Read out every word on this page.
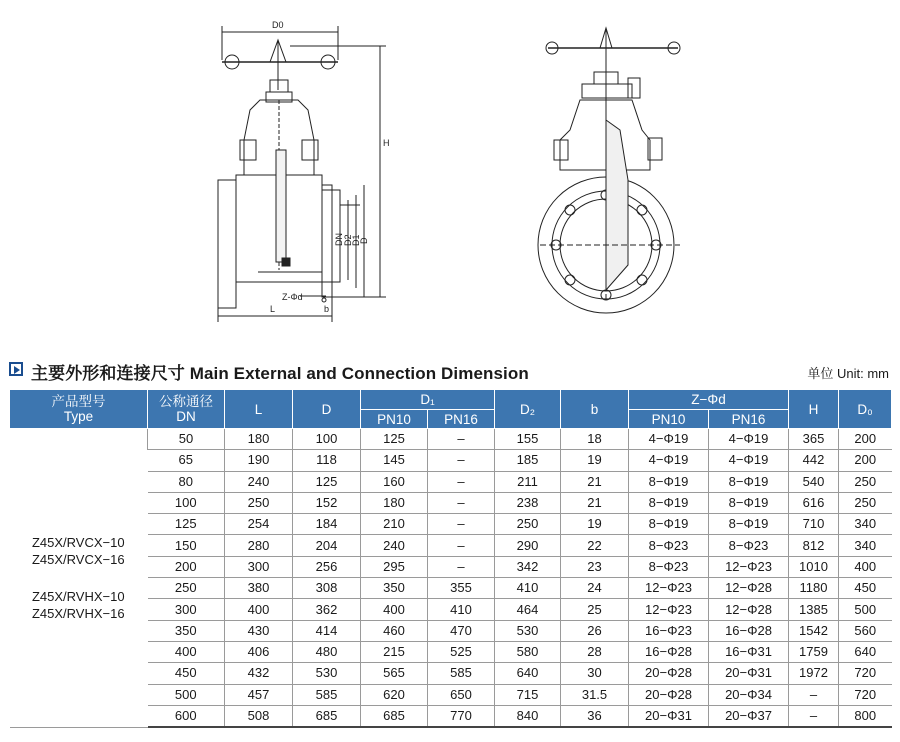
D0
H
DN D2
D1
D
L	b
Z-Φd
主要外形和连接尺寸 Main External and Connection Dimension	单位 Unit: mm
产品型号
Type	公称通径
DN	L	D	D₁		D₂	b	Z−Φd		H	D₀
				PN10	PN16			PN10	PN16		

Z45X/RVCX−10
Z45X/RVCX−16
Z45X/RVHX−10
Z45X/RVHX−16	50	180	100	125	–	155	18	4−Φ19	4−Φ19	365	200
	65	190	118	145	–	185	19	4−Φ19	4−Φ19	442	200
	80	240	125	160	–	211	21	8−Φ19	8−Φ19	540	250
	100	250	152	180	–	238	21	8−Φ19	8−Φ19	616	250
	125	254	184	210	–	250	19	8−Φ19	8−Φ19	710	340
	150	280	204	240	–	290	22	8−Φ23	8−Φ23	812	340
	200	300	256	295	–	342	23	8−Φ23	12−Φ23	1010	400
	250	380	308	350	355	410	24	12−Φ23	12−Φ28	1180	450
	300	400	362	400	410	464	25	12−Φ23	12−Φ28	1385	500
	350	430	414	460	470	530	26	16−Φ23	16−Φ28	1542	560
	400	406	480	215	525	580	28	16−Φ28	16−Φ31	1759	640
	450	432	530	565	585	640	30	20−Φ28	20−Φ31	1972	720
	500	457	585	620	650	715	31.5	20−Φ28	20−Φ34	–	720
	600	508	685	685	770	840	36	20−Φ31	20−Φ37	–	800
